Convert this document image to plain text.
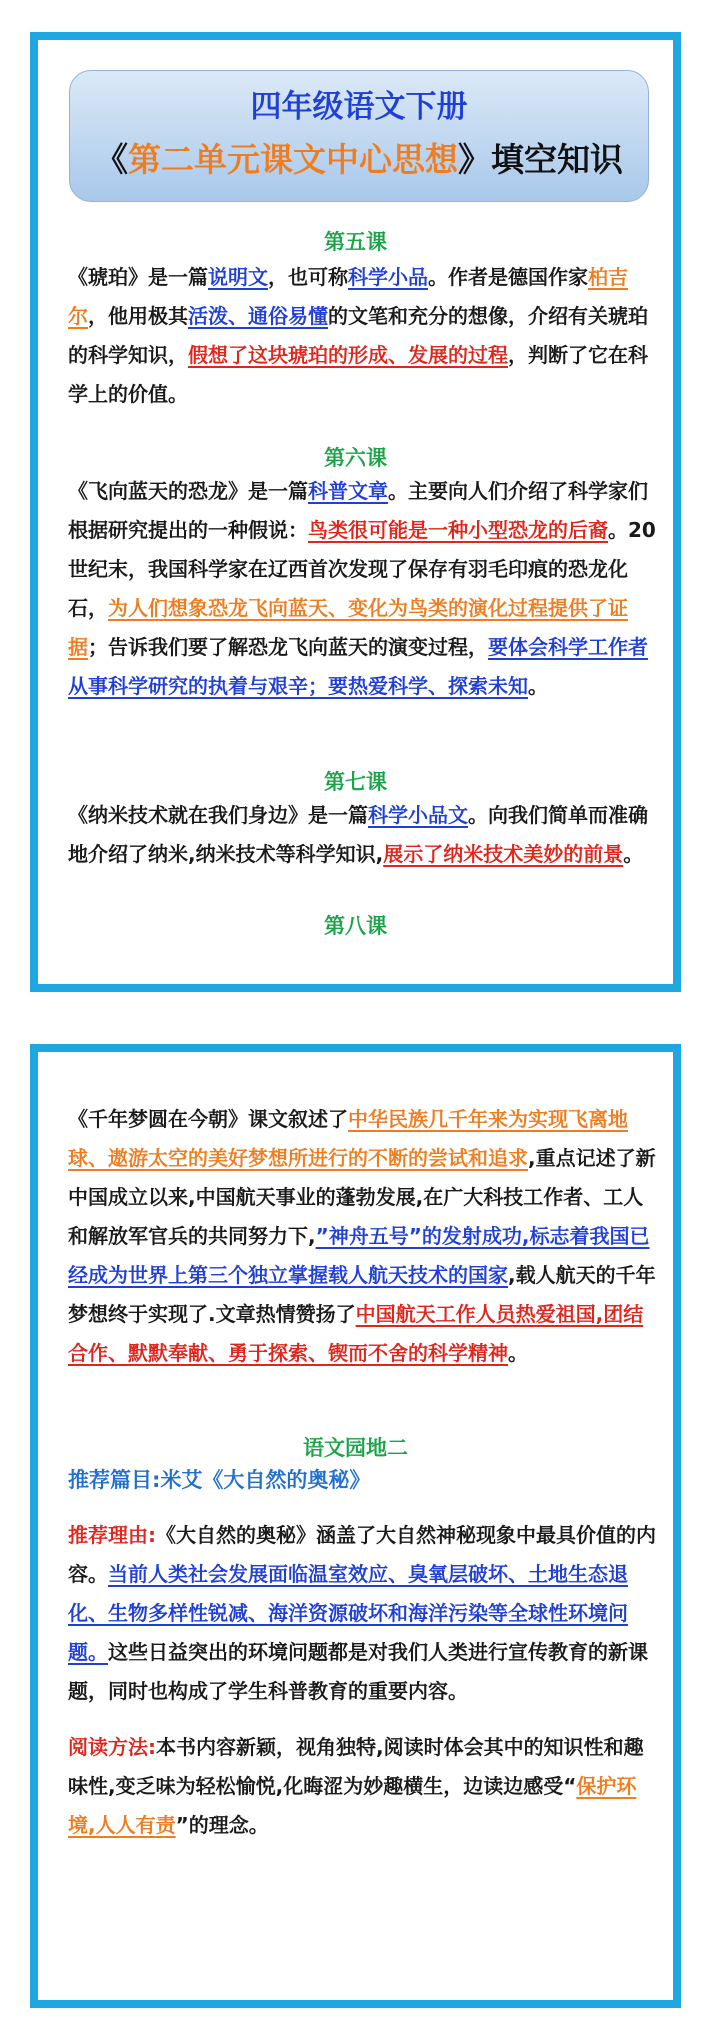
四年级语文下册
《第二单元课文中心思想》填空知识
第五课
《琥珀》是一篇说明文，也可称科学小品。作者是德国作家柏吉尔，他用极其活泼、通俗易懂的文笔和充分的想像，介绍有关琥珀的科学知识，假想了这块琥珀的形成、发展的过程，判断了它在科学上的价值。
第六课
《飞向蓝天的恐龙》是一篇科普文章。主要向人们介绍了科学家们根据研究提出的一种假说：鸟类很可能是一种小型恐龙的后裔。20 世纪末，我国科学家在辽西首次发现了保存有羽毛印痕的恐龙化石，为人们想象恐龙飞向蓝天、变化为鸟类的演化过程提供了证据；告诉我们要了解恐龙飞向蓝天的演变过程，要体会科学工作者从事科学研究的执着与艰辛；要热爱科学、探索未知。
第七课
《纳米技术就在我们身边》是一篇科学小品文。向我们简单而准确地介绍了纳米,纳米技术等科学知识,展示了纳米技术美妙的前景。
第八课
《千年梦圆在今朝》课文叙述了中华民族几千年来为实现飞离地球、遨游太空的美好梦想所进行的不断的尝试和追求,重点记述了新中国成立以来,中国航天事业的蓬勃发展,在广大科技工作者、工人和解放军官兵的共同努力下,”神舟五号”的发射成功,标志着我国已经成为世界上第三个独立掌握载人航天技术的国家,载人航天的千年梦想终于实现了.文章热情赞扬了中国航天工作人员热爱祖国,团结合作、默默奉献、勇于探索、锲而不舍的科学精神。
语文园地二
推荐篇目:米艾《大自然的奥秘》
推荐理由:《大自然的奥秘》涵盖了大自然神秘现象中最具价值的内容。当前人类社会发展面临温室效应、臭氧层破坏、土地生态退化、生物多样性锐减、海洋资源破坏和海洋污染等全球性环境问题。这些日益突出的环境问题都是对我们人类进行宣传教育的新课题，同时也构成了学生科普教育的重要内容。
阅读方法:本书内容新颖，视角独特,阅读时体会其中的知识性和趣味性,变乏味为轻松愉悦,化晦涩为妙趣横生，边读边感受“保护环境,人人有责”的理念。
